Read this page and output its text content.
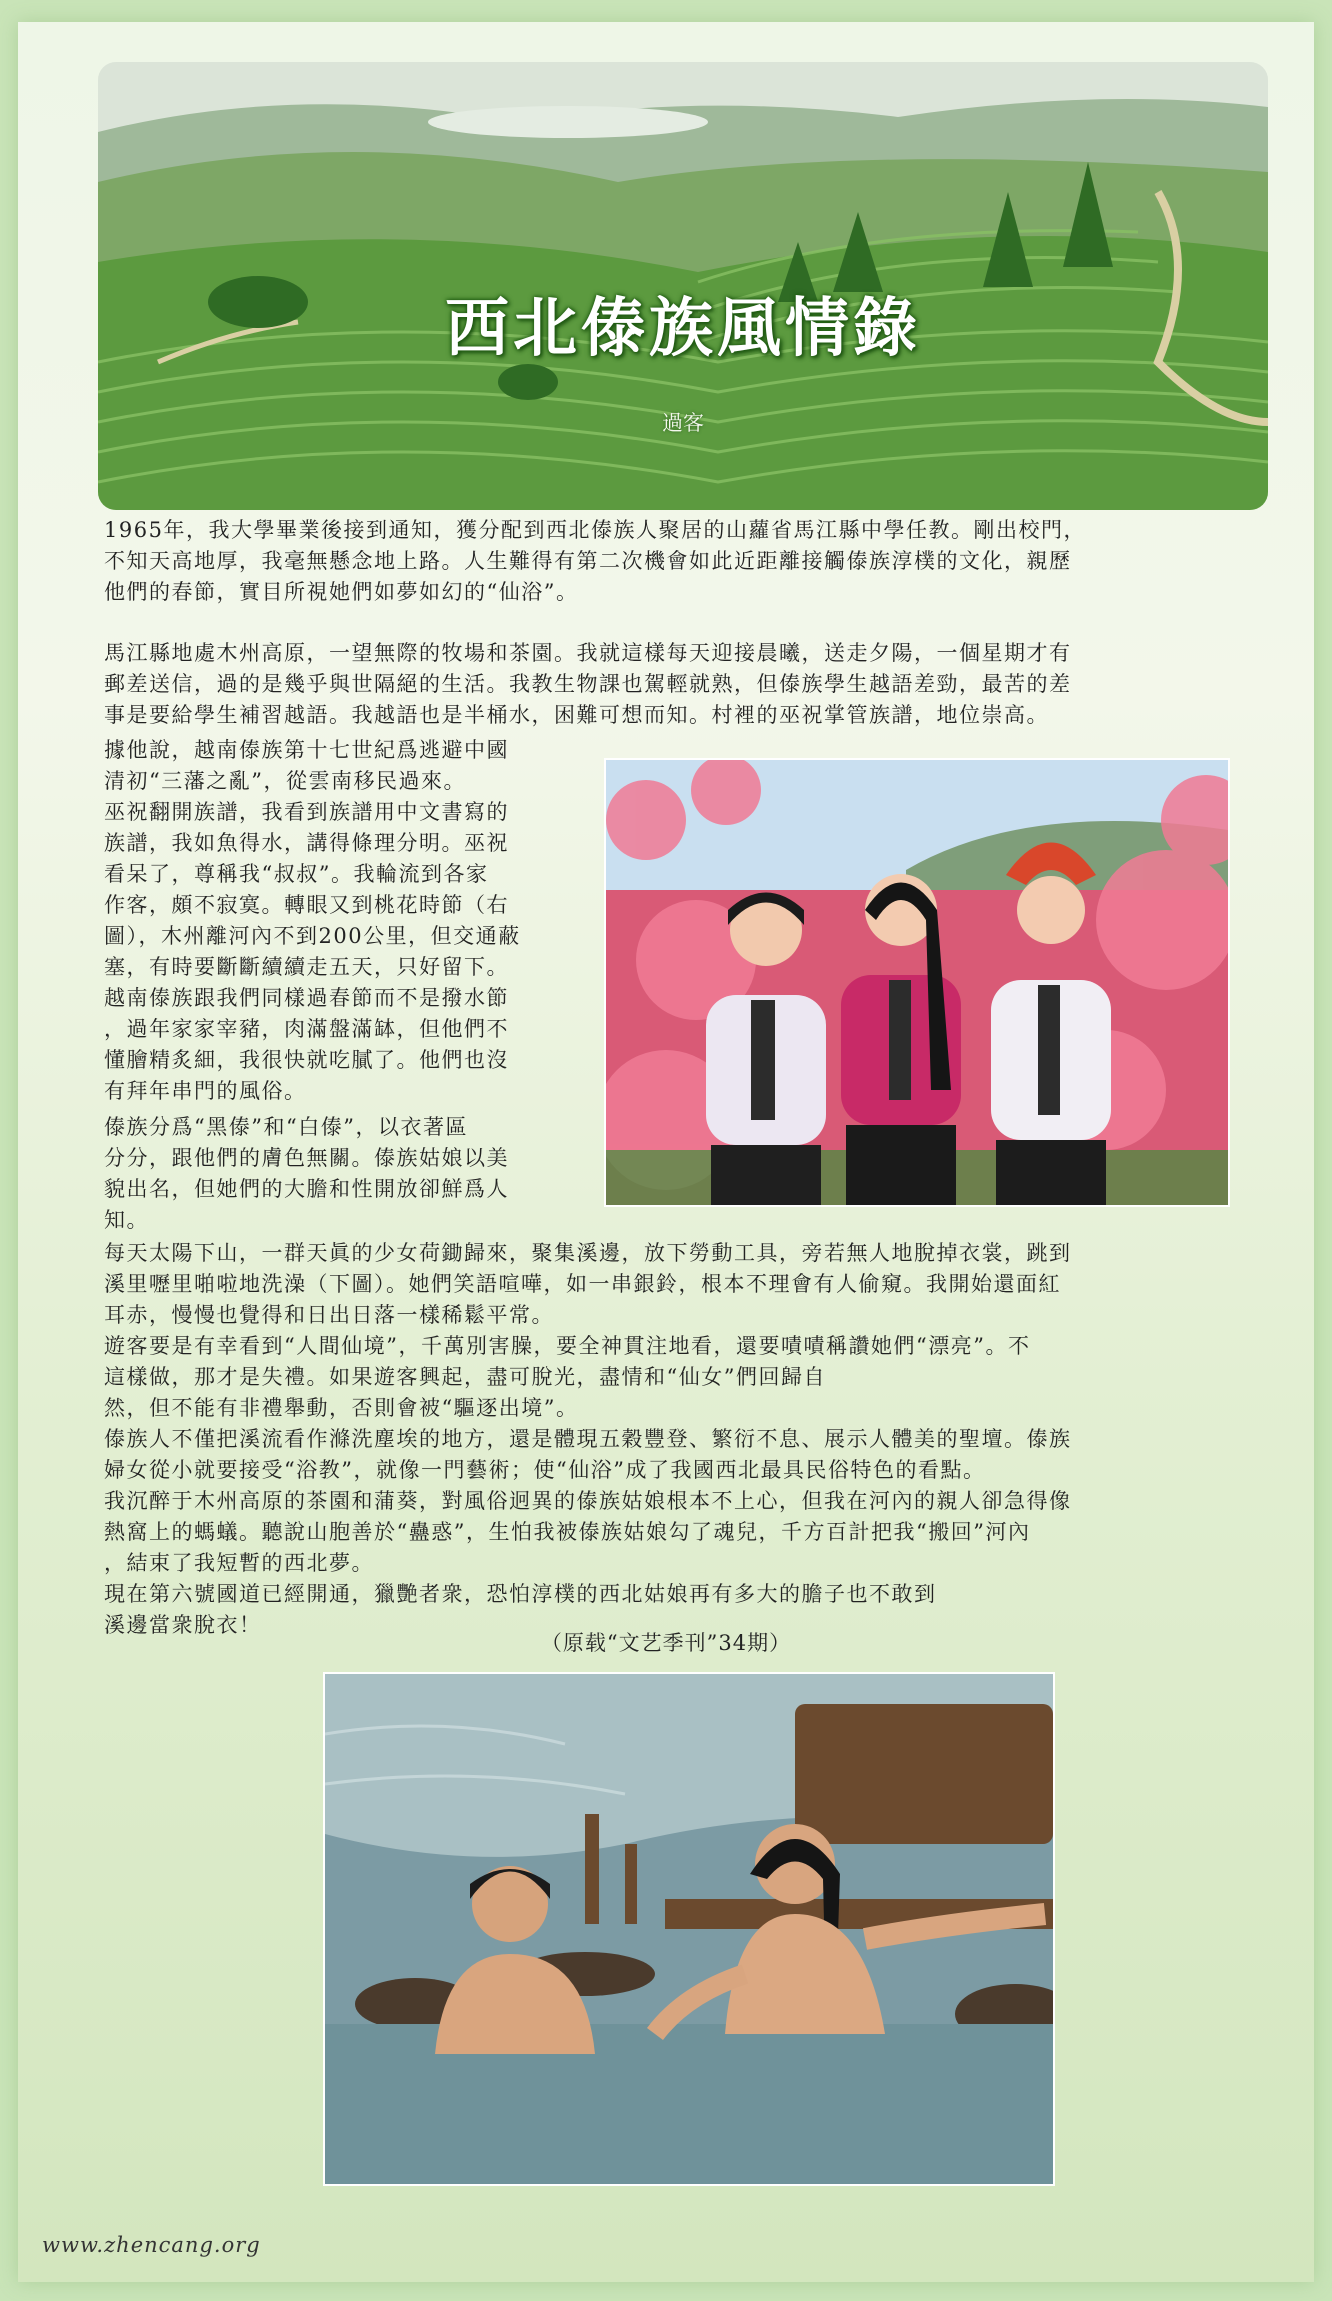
西北傣族風情錄
過客
1965年，我大學畢業後接到通知，獲分配到西北傣族人聚居的山蘿省馬江縣中學任教。剛出校門，
不知天高地厚，我毫無懸念地上路。人生難得有第二次機會如此近距離接觸傣族淳樸的文化，親歷
他們的春節，實目所視她們如夢如幻的“仙浴”。
馬江縣地處木州高原，一望無際的牧場和茶園。我就這樣每天迎接晨曦，送走夕陽，一個星期才有
郵差送信，過的是幾乎與世隔絕的生活。我教生物課也駕輕就熟，但傣族學生越語差勁，最苦的差
事是要給學生補習越語。我越語也是半桶水，困難可想而知。村裡的巫祝掌管族譜，地位崇高。
據他說，越南傣族第十七世紀爲逃避中國
清初“三藩之亂”，從雲南移民過來。
巫祝翻開族譜，我看到族譜用中文書寫的
族譜，我如魚得水，講得條理分明。巫祝
看呆了，尊稱我“叔叔”。我輪流到各家
作客，頗不寂寞。轉眼又到桃花時節（右
圖），木州離河內不到200公里，但交通蔽
塞，有時要斷斷續續走五天，只好留下。
越南傣族跟我們同樣過春節而不是撥水節
，過年家家宰豬，肉滿盤滿缽，但他們不
懂膾精炙細，我很快就吃膩了。他們也沒
有拜年串門的風俗。
傣族分爲“黑傣”和“白傣”，以衣著區
分分，跟他們的膚色無關。傣族姑娘以美
貌出名，但她們的大膽和性開放卻鮮爲人
知。
每天太陽下山，一群天眞的少女荷鋤歸來，聚集溪邊，放下勞動工具，旁若無人地脫掉衣裳，跳到
溪里嚦里啪啦地洗澡（下圖）。她們笑語喧嘩，如一串銀鈴，根本不理會有人偷窺。我開始還面紅
耳赤，慢慢也覺得和日出日落一樣稀鬆平常。
遊客要是有幸看到“人間仙境”，千萬別害臊，要全神貫注地看，還要嘖嘖稱讚她們“漂亮”。不
這樣做，那才是失禮。如果遊客興起，盡可脫光，盡情和“仙女”們回歸自
然，但不能有非禮舉動，否則會被“驅逐出境”。
傣族人不僅把溪流看作滌洗塵埃的地方，還是體現五穀豐登、繁衍不息、展示人體美的聖壇。傣族
婦女從小就要接受“浴教”，就像一門藝術；使“仙浴”成了我國西北最具民俗特色的看點。
我沉醉于木州高原的茶園和蒲葵，對風俗迥異的傣族姑娘根本不上心，但我在河內的親人卻急得像
熱窩上的螞蟻。聽說山胞善於“蠱惑”，生怕我被傣族姑娘勾了魂兒，千方百計把我“搬回”河內
，結束了我短暫的西北夢。
現在第六號國道已經開通，獵艷者衆，恐怕淳樸的西北姑娘再有多大的膽子也不敢到
溪邊當衆脫衣！
（原载“文艺季刊”34期）
www.zhencang.org
